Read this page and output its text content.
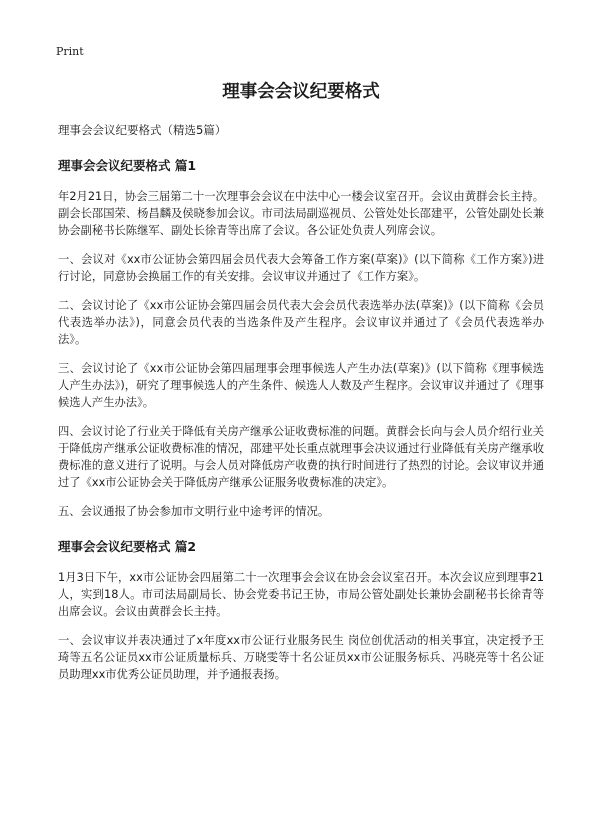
Print
理事会会议纪要格式

理事会会议纪要格式（精选5篇）

理事会会议纪要格式 篇1

年2月21日，协会三届第二十一次理事会会议在中法中心一楼会议室召开。会议由黄群会长主持。副会长邵国荣、杨昌麟及侯晓参加会议。市司法局副巡视员、公管处处长邵建平，公管处副处长兼协会副秘书长陈继军、副处长徐青等出席了会议。各公证处负责人列席会议。

一、会议对《xx市公证协会第四届会员代表大会筹备工作方案(草案)》(以下简称《工作方案》)进行讨论，同意协会换届工作的有关安排。会议审议并通过了《工作方案》。

二、会议讨论了《xx市公证协会第四届会员代表大会会员代表选举办法(草案)》(以下简称《会员代表选举办法》)，同意会员代表的当选条件及产生程序。会议审议并通过了《会员代表选举办法》。

三、会议讨论了《xx市公证协会第四届理事会理事候选人产生办法(草案)》(以下简称《理事候选人产生办法》)，研究了理事候选人的产生条件、候选人人数及产生程序。会议审议并通过了《理事候选人产生办法》。

四、会议讨论了行业关于降低有关房产继承公证收费标准的问题。黄群会长向与会人员介绍行业关于降低房产继承公证收费标准的情况，邵建平处长重点就理事会决议通过行业降低有关房产继承收费标准的意义进行了说明。与会人员对降低房产收费的执行时间进行了热烈的讨论。会议审议并通过了《xx市公证协会关于降低房产继承公证服务收费标准的决定》。

五、会议通报了协会参加市文明行业中途考评的情况。

理事会会议纪要格式 篇2

1月3日下午，xx市公证协会四届第二十一次理事会会议在协会会议室召开。本次会议应到理事21人，实到18人。市司法局副局长、协会党委书记王协，市局公管处副处长兼协会副秘书长徐青等出席会议。会议由黄群会长主持。

一、会议审议并表决通过了x年度xx市公证行业服务民生 岗位创优活动的相关事宜，决定授予王琦等五名公证员xx市公证质量标兵、万晓雯等十名公证员xx市公证服务标兵、冯晓亮等十名公证员助理xx市优秀公证员助理，并予通报表扬。
